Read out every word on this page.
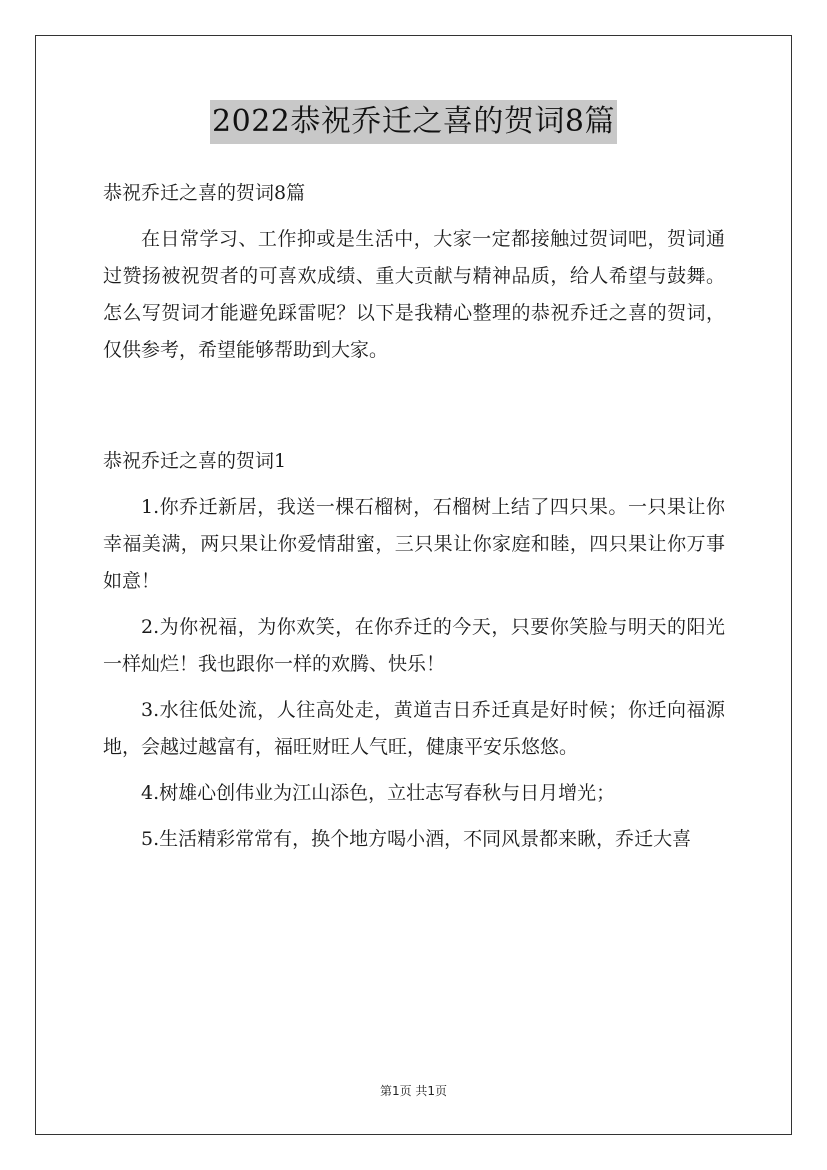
2022恭祝乔迁之喜的贺词8篇

恭祝乔迁之喜的贺词8篇

在日常学习、工作抑或是生活中，大家一定都接触过贺词吧，贺词通过赞扬被祝贺者的可喜欢成绩、重大贡献与精神品质，给人希望与鼓舞。怎么写贺词才能避免踩雷呢？以下是我精心整理的恭祝乔迁之喜的贺词，仅供参考，希望能够帮助到大家。

恭祝乔迁之喜的贺词1

1.你乔迁新居，我送一棵石榴树，石榴树上结了四只果。一只果让你幸福美满，两只果让你爱情甜蜜，三只果让你家庭和睦，四只果让你万事如意！

2.为你祝福，为你欢笑，在你乔迁的今天，只要你笑脸与明天的阳光一样灿烂！我也跟你一样的欢腾、快乐！

3.水往低处流，人往高处走，黄道吉日乔迁真是好时候；你迁向福源地，会越过越富有，福旺财旺人气旺，健康平安乐悠悠。

4.树雄心创伟业为江山添色，立壮志写春秋与日月增光；

5.生活精彩常常有，换个地方喝小酒，不同风景都来瞅，乔迁大喜

第1页 共1页
